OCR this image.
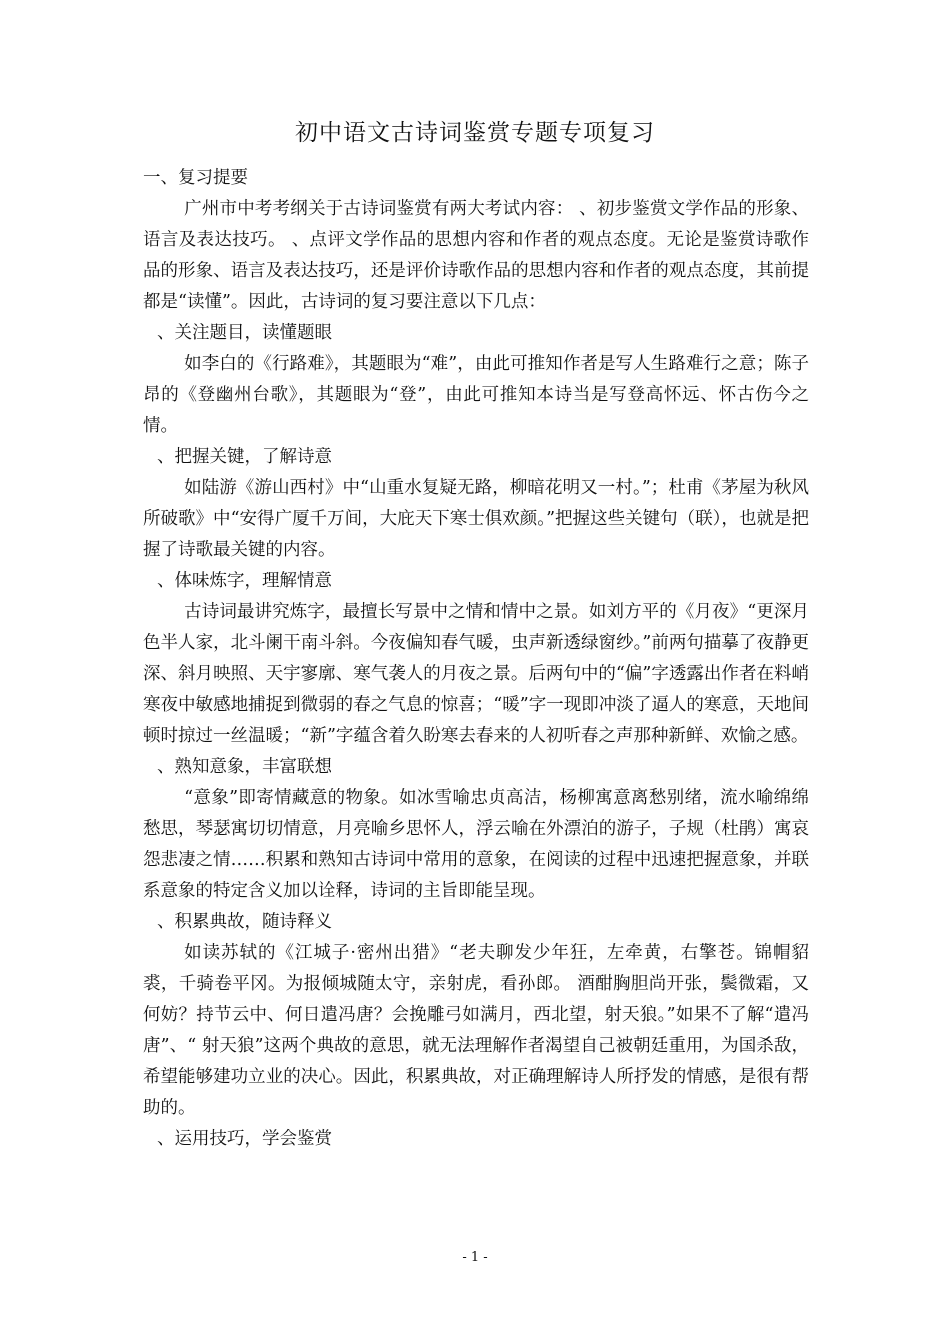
初中语文古诗词鉴赏专题专项复习

一、复习提要

广州市中考考纲关于古诗词鉴赏有两大考试内容： 、初步鉴赏文学作品的形象、语言及表达技巧。 、点评文学作品的思想内容和作者的观点态度。无论是鉴赏诗歌作品的形象、语言及表达技巧，还是评价诗歌作品的思想内容和作者的观点态度，其前提都是“读懂”。因此，古诗词的复习要注意以下几点：

、关注题目，读懂题眼

如李白的《行路难》，其题眼为“难”，由此可推知作者是写人生路难行之意；陈子昂的《登幽州台歌》，其题眼为“登”，由此可推知本诗当是写登高怀远、怀古伤今之情。

、把握关键，了解诗意

如陆游《游山西村》中“山重水复疑无路，柳暗花明又一村。”；杜甫《茅屋为秋风所破歌》中“安得广厦千万间，大庇天下寒士俱欢颜。”把握这些关键句（联），也就是把握了诗歌最关键的内容。

、体味炼字，理解情意

古诗词最讲究炼字，最擅长写景中之情和情中之景。如刘方平的《月夜》“更深月色半人家，北斗阑干南斗斜。今夜偏知春气暖，虫声新透绿窗纱。”前两句描摹了夜静更深、斜月映照、天宇寥廓、寒气袭人的月夜之景。后两句中的“偏”字透露出作者在料峭寒夜中敏感地捕捉到微弱的春之气息的惊喜；“暖”字一现即冲淡了逼人的寒意，天地间顿时掠过一丝温暖；“新”字蕴含着久盼寒去春来的人初听春之声那种新鲜、欢愉之感。

、熟知意象，丰富联想

“意象”即寄情藏意的物象。如冰雪喻忠贞高洁，杨柳寓意离愁别绪，流水喻绵绵愁思，琴瑟寓切切情意，月亮喻乡思怀人，浮云喻在外漂泊的游子，子规（杜鹃）寓哀怨悲凄之情……积累和熟知古诗词中常用的意象，在阅读的过程中迅速把握意象，并联系意象的特定含义加以诠释，诗词的主旨即能呈现。

、积累典故，随诗释义

如读苏轼的《江城子·密州出猎》“老夫聊发少年狂，左牵黄，右擎苍。锦帽貂裘，千骑卷平冈。为报倾城随太守，亲射虎，看孙郎。 酒酣胸胆尚开张，鬓微霜，又何妨？持节云中、何日遣冯唐？会挽雕弓如满月，西北望，射天狼。”如果不了解“遣冯唐”、“ 射天狼”这两个典故的意思，就无法理解作者渴望自己被朝廷重用，为国杀敌，希望能够建功立业的决心。因此，积累典故，对正确理解诗人所抒发的情感，是很有帮助的。

、运用技巧，学会鉴赏

- 1 -
